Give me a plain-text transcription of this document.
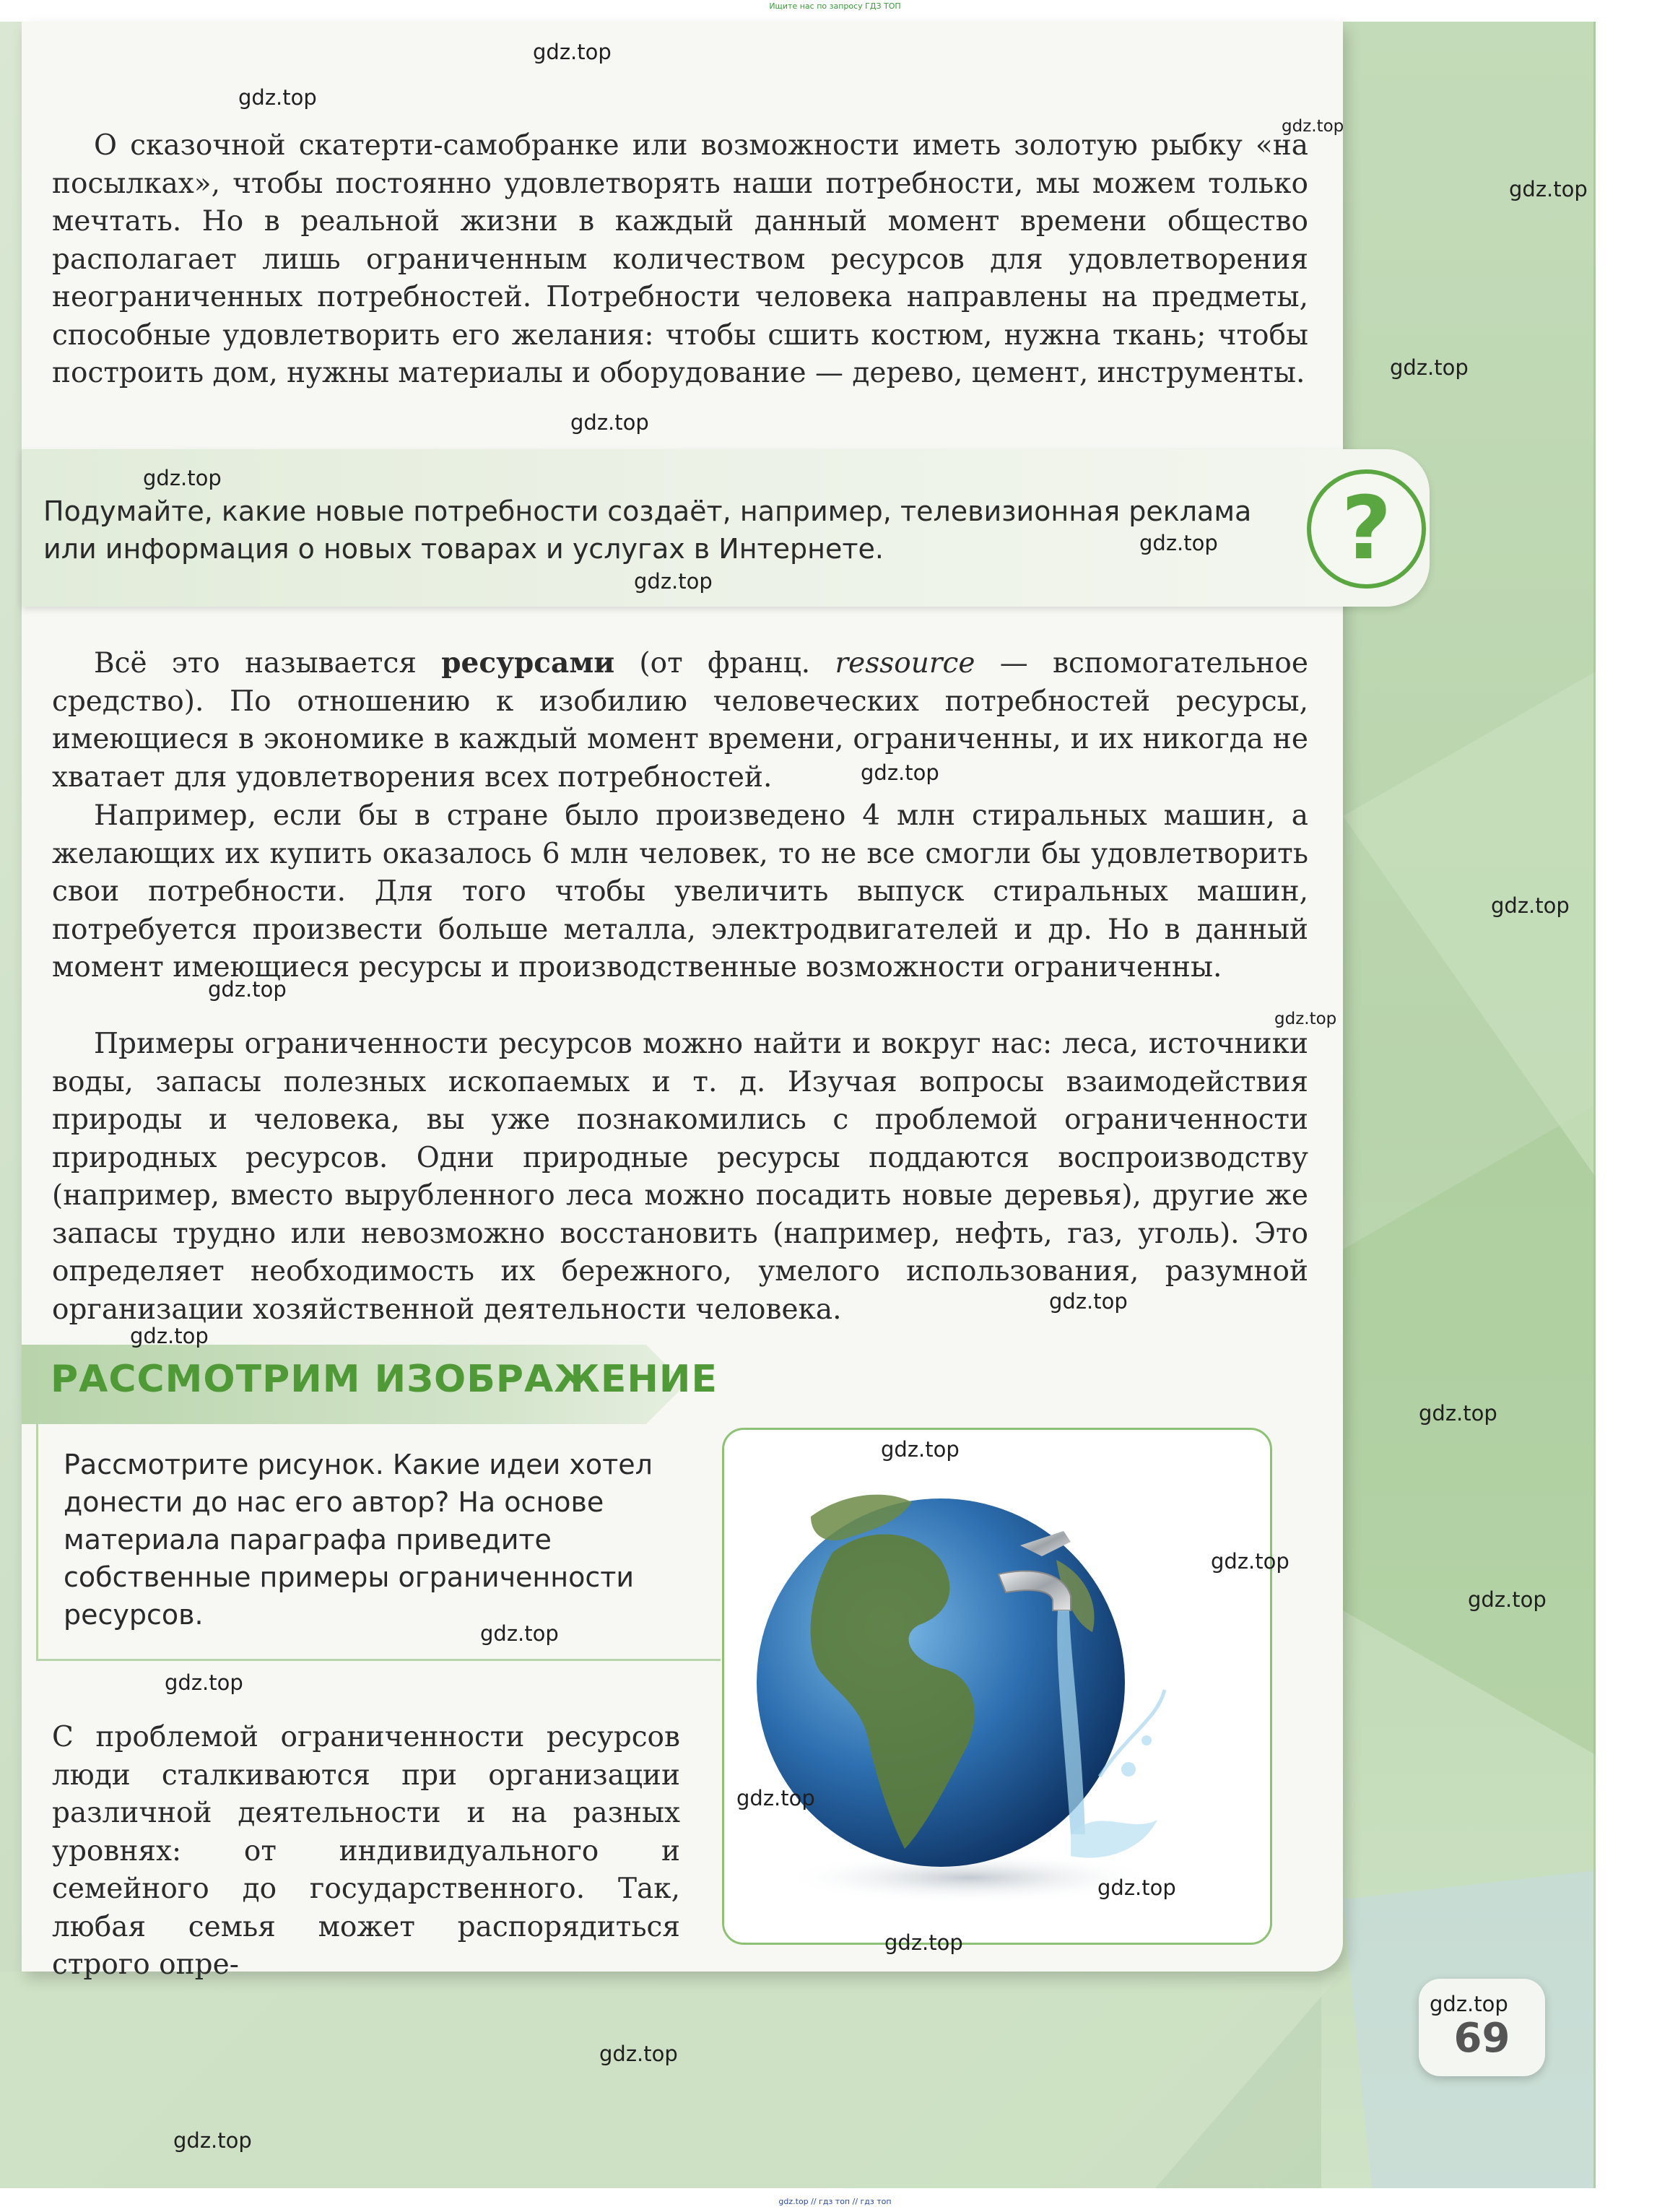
Ищите нас по запросу ГДЗ ТОП

О сказочной скатерти-самобранке или возможности иметь золотую рыбку «на посылках», чтобы постоянно удовлетворять наши потребности, мы можем только мечтать. Но в реальной жизни в каждый данный момент времени общество располагает лишь ограниченным количеством ресурсов для удовлетворения неограниченных потребностей. Потребности человека направлены на предметы, способные удовлетворить его желания: чтобы сшить костюм, нужна ткань; чтобы построить дом, нужны материалы и оборудование — дерево, цемент, инструменты.

Подумайте, какие новые потребности создаёт, например, телевизионная реклама или информация о новых товарах и услугах в Интернете.	?

Всё это называется ресурсами (от франц. ressource — вспомогательное средство). По отношению к изобилию человеческих потребностей ресурсы, имеющиеся в экономике в каждый момент времени, ограниченны, и их никогда не хватает для удовлетворения всех потребностей.

Например, если бы в стране было произведено 4 млн стиральных машин, а желающих их купить оказалось 6 млн человек, то не все смогли бы удовлетворить свои потребности. Для того чтобы увеличить выпуск стиральных машин, потребуется произвести больше металла, электродвигателей и др. Но в данный момент имеющиеся ресурсы и производственные возможности ограниченны.

Примеры ограниченности ресурсов можно найти и вокруг нас: леса, источники воды, запасы полезных ископаемых и т. д. Изучая вопросы взаимодействия природы и человека, вы уже познакомились с проблемой ограниченности природных ресурсов. Одни природные ресурсы поддаются воспроизводству (например, вместо вырубленного леса можно посадить новые деревья), другие же запасы трудно или невозможно восстановить (например, нефть, газ, уголь). Это определяет необходимость их бережного, умелого использования, разумной организации хозяйственной деятельности человека.

РАССМОТРИМ ИЗОБРАЖЕНИЕ

Рассмотрите рисунок. Какие идеи хотел донести до нас его автор? На основе материала параграфа приведите собственные примеры ограниченности ресурсов.

С проблемой ограниченности ресурсов люди сталкиваются при организации различной деятельности и на разных уровнях: от индивидуального и семейного до государственного. Так, любая семья может распорядиться строго опре-

69
gdz.top
gdz.top
gdz.top
gdz.top
gdz.top
gdz.top
gdz.top
gdz.top
gdz.top
gdz.top
gdz.top
gdz.top
gdz.top
gdz.top
gdz.top
gdz.top
gdz.top
gdz.top
gdz.top
gdz.top
gdz.top
gdz.top
gdz.top
gdz.top
gdz.top
gdz.top
gdz.top
gdz.top // гдз топ // гдз топ
